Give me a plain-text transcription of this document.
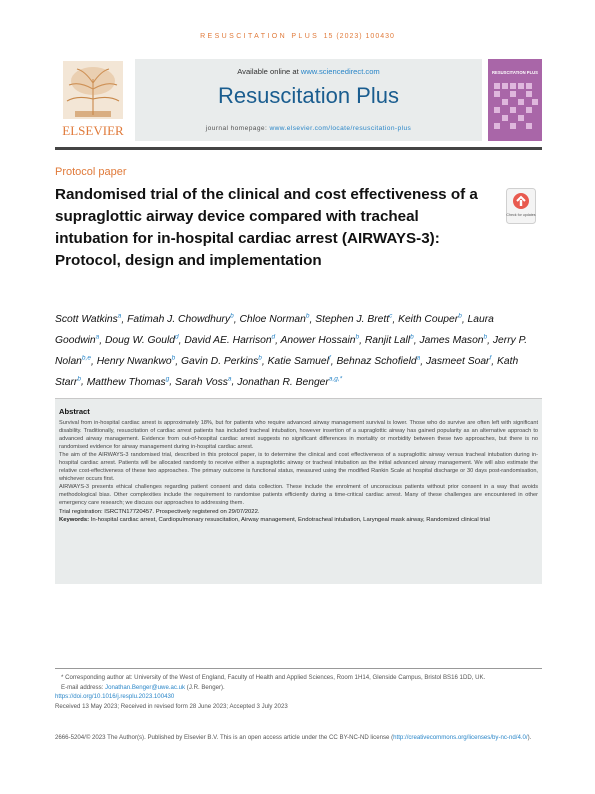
RESUSCITATION PLUS 15 (2023) 100430
ELSEVIER
Available online at www.sciencedirect.com
Resuscitation Plus
journal homepage: www.elsevier.com/locate/resuscitation-plus
RESUSCITATION PLUS
Protocol paper
Randomised trial of the clinical and cost effectiveness of a supraglottic airway device compared with tracheal intubation for in-hospital cardiac arrest (AIRWAYS-3): Protocol, design and implementation
Check for updates
Scott Watkins$^a$, Fatimah J. Chowdhury$^b$, Chloe Norman$^b$, Stephen J. Brett$^c$, Keith Couper$^b$, Laura Goodwin$^a$, Doug W. Gould$^d$, David AE. Harrison$^d$, Anower Hossain$^b$, Ranjit Lall$^b$, James Mason$^b$, Jerry P. Nolan$^{b,e}$, Henry Nwankwo$^b$, Gavin D. Perkins$^b$, Katie Samuel$^f$, Behnaz Schofield$^a$, Jasmeet Soar$^f$, Kath Starr$^b$, Matthew Thomas$^g$, Sarah Voss$^a$, Jonathan R. Benger$^{a,g,*}$
Abstract

Survival from in-hospital cardiac arrest is approximately 18%, but for patients who require advanced airway management survival is lower. Those who do survive are often left with significant disability. Traditionally, resuscitation of cardiac arrest patients has included tracheal intubation, however insertion of a supraglottic airway has gained popularity as an alternative approach to advanced airway management. Evidence from out-of-hospital cardiac arrest suggests no significant differences in mortality or morbidity between these two approaches, but there is no randomised evidence for airway management during in-hospital cardiac arrest.

The aim of the AIRWAYS-3 randomised trial, described in this protocol paper, is to determine the clinical and cost effectiveness of a supraglottic airway versus tracheal intubation during in-hospital cardiac arrest. Patients will be allocated randomly to receive either a supraglottic airway or tracheal intubation as the initial advanced airway management. We will also estimate the relative cost-effectiveness of these two approaches. The primary outcome is functional status, measured using the modified Rankin Scale at hospital discharge or 30 days post-randomisation, whichever occurs first.

AIRWAYS-3 presents ethical challenges regarding patient consent and data collection. These include the enrolment of unconscious patients without prior consent in a way that avoids methodological bias. Other complexities include the requirement to randomise patients efficiently during a time-critical cardiac arrest. Many of these challenges are encountered in other emergency care research; we discuss our approaches to addressing them.

Trial registration: ISRCTN17720457. Prospectively registered on 29/07/2022.

Keywords: In-hospital cardiac arrest, Cardiopulmonary resuscitation, Airway management, Endotracheal intubation, Laryngeal mask airway, Randomized clinical trial

* Corresponding author at: University of the West of England, Faculty of Health and Applied Sciences, Room 1H14, Glenside Campus, Bristol BS16 1DD, UK.

E-mail address: Jonathan.Benger@uwe.ac.uk (J.R. Benger).

https://doi.org/10.1016/j.resplu.2023.100430

Received 13 May 2023; Received in revised form 28 June 2023; Accepted 3 July 2023

2666-5204/© 2023 The Author(s). Published by Elsevier B.V. This is an open access article under the CC BY-NC-ND license (http://creativecommons.org/licenses/by-nc-nd/4.0/).
